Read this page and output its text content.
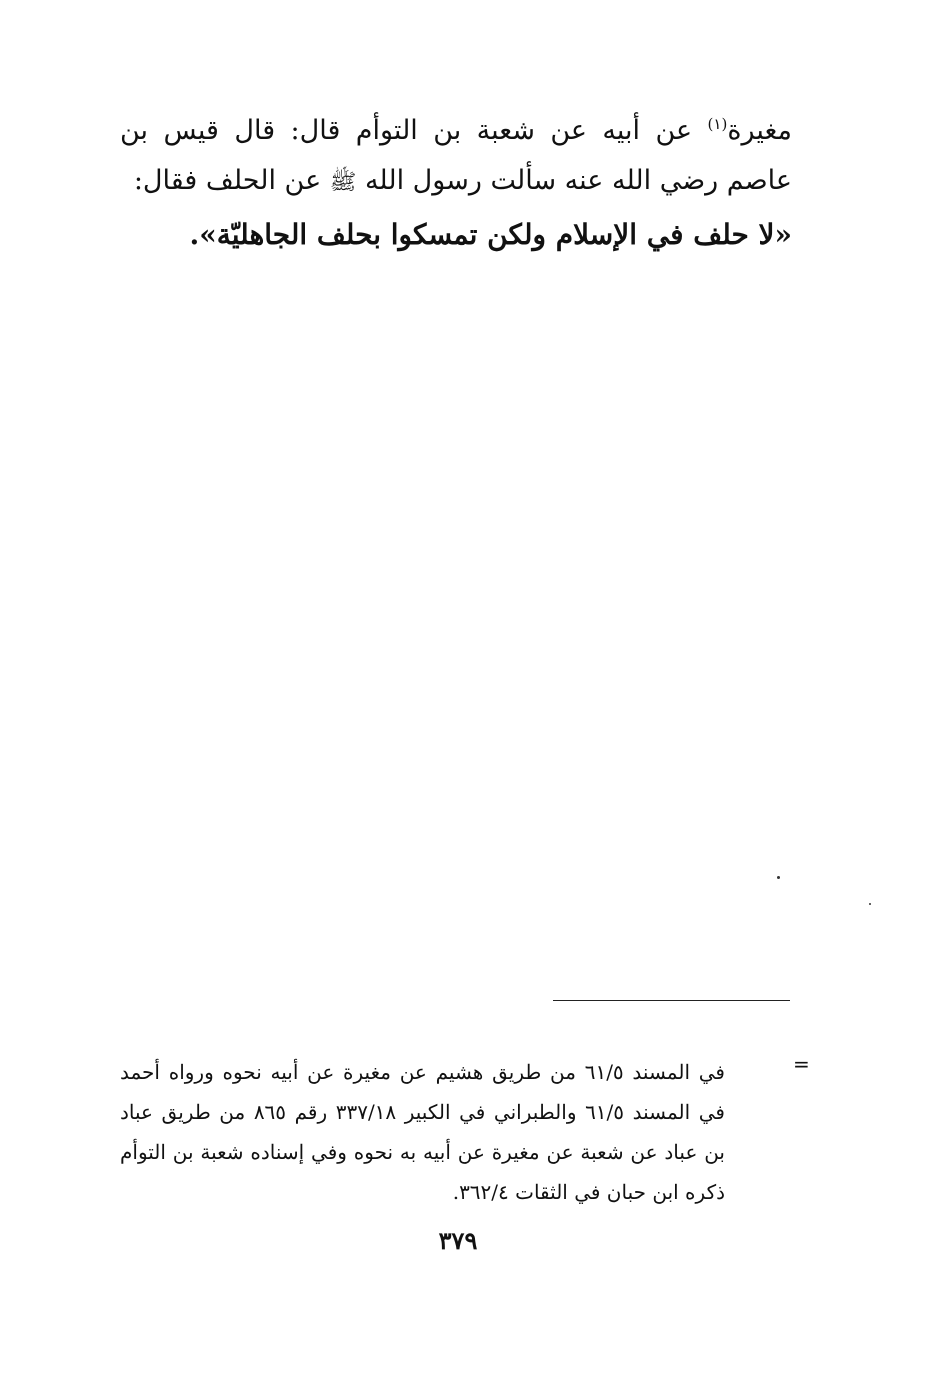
مغيرة$^{(١)}$ عن أبيه عن شعبة بن التوأم قال: قال قيس بن عاصم رضي الله عنه سألت رسول الله ﷺ عن الحلف فقال:

«لا حلف في الإسلام ولكن تمسكوا بحلف الجاهليّة».

=

في المسند ٦١/٥ من طريق هشيم عن مغيرة عن أبيه نحوه ورواه أحمد في المسند ٦١/٥ والطبراني في الكبير ٣٣٧/١٨ رقم ٨٦٥ من طريق عباد بن عباد عن شعبة عن مغيرة عن أبيه به نحوه وفي إسناده شعبة بن التوأم ذكره ابن حبان في الثقات ٣٦٢/٤.

٣٧٩
